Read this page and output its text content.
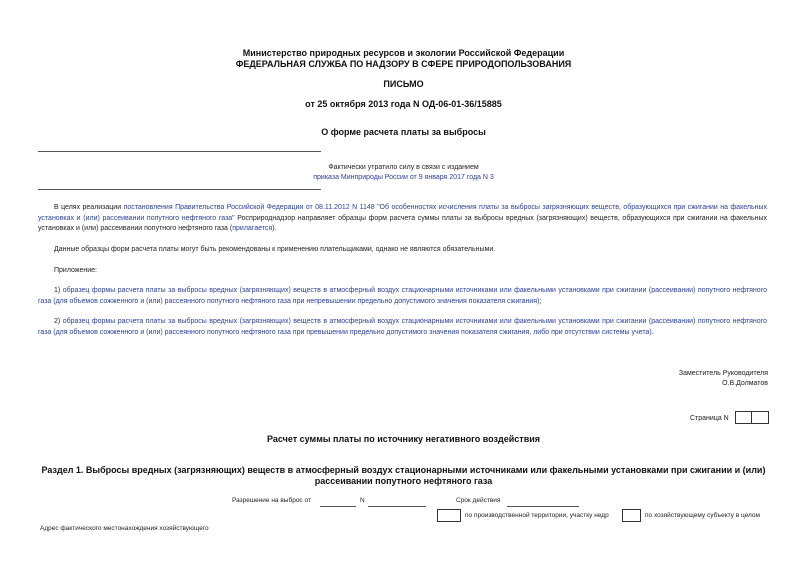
Министерство природных ресурсов и экологии Российской Федерации
ФЕДЕРАЛЬНАЯ СЛУЖБА ПО НАДЗОРУ В СФЕРЕ ПРИРОДОПОЛЬЗОВАНИЯ
ПИСЬМО
от 25 октября 2013 года N ОД-06-01-36/15885
О форме расчета платы за выбросы
Фактически утратило силу в связи с изданием
приказа Минприроды России от 9 января 2017 года N 3
В целях реализации постановления Правительства Российской Федерации от 08.11.2012 N 1148 "Об особенностях исчисления платы за выбросы загрязняющих веществ, образующихся при сжигании на факельных установках и (или) рассеивании попутного нефтяного газа" Росприроднадзор направляет образцы форм расчета суммы платы за выбросы вредных (загрязняющих) веществ, образующихся при сжигании на факельных установках и (или) рассеивании попутного нефтяного газа (прилагается).
Данные образцы форм расчета платы могут быть рекомендованы к применению плательщиками, однако не являются обязательными.
Приложение:
1) образец формы расчета платы за выбросы вредных (загрязняющих) веществ в атмосферный воздух стационарными источниками или факельными установками при сжигании (рассеивании) попутного нефтяного газа (для объемов сожженного и (или) рассеянного попутного нефтяного газа при непревышении предельно допустимого значения показателя сжигания);
2) образец формы расчета платы за выбросы вредных (загрязняющих) веществ в атмосферный воздух стационарными источниками или факельными установками при сжигании (рассеивании) попутного нефтяного газа (для объемов сожженного и (или) рассеянного попутного нефтяного газа при превышении предельно допустимого значения показателя сжигания, либо при отсутствии системы учета).
Заместитель Руководителя
О.В.Долматов
Страница N
Расчет суммы платы по источнику негативного воздействия
Раздел 1. Выбросы вредных (загрязняющих) веществ в атмосферный воздух стационарными источниками или факельными установками при сжигании и (или)
рассеивании попутного нефтяного газа
Разрешение на выброс от	N	Срок действия
по производственной территории, участку недр	по хозяйствующему субъекту в целом
Адрес фактического местонахождения хозяйствующего
